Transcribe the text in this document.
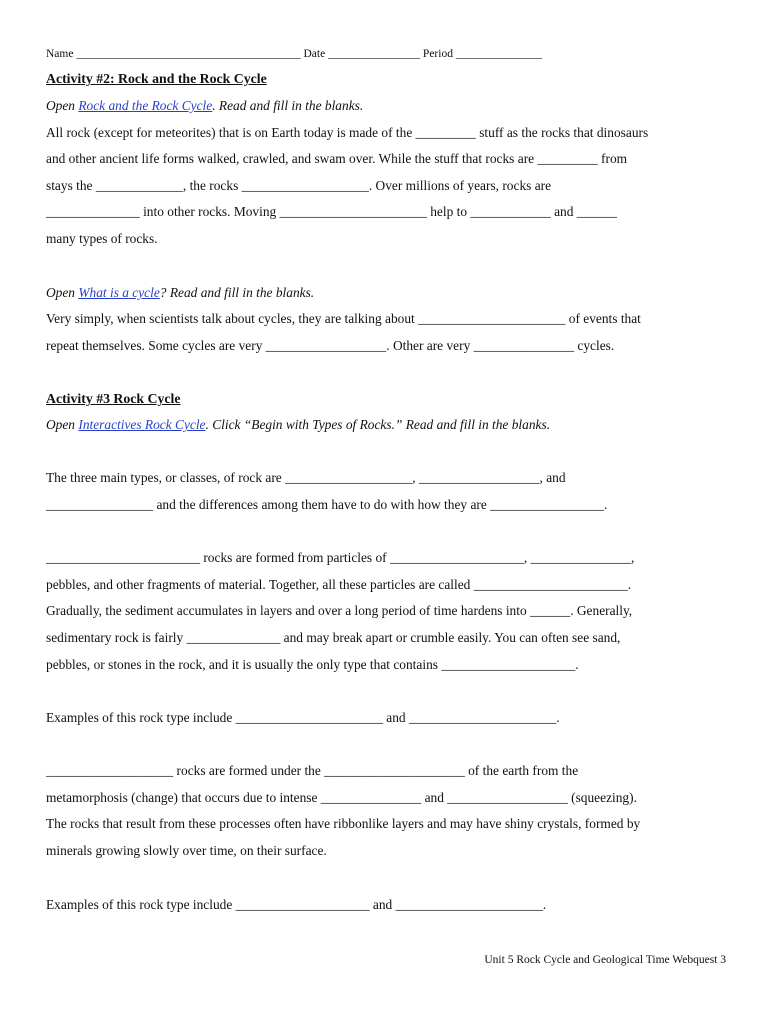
Name _______________________________________ Date ________________ Period _______________
Activity #2: Rock and the Rock Cycle
Open Rock and the Rock Cycle. Read and fill in the blanks.
All rock (except for meteorites) that is on Earth today is made of the _________ stuff as the rocks that dinosaurs
and other ancient life forms walked, crawled, and swam over. While the stuff that rocks are _________ from
stays the _____________, the rocks ___________________. Over millions of years, rocks are
______________ into other rocks. Moving ______________________ help to ____________ and ______
many types of rocks.
Open What is a cycle? Read and fill in the blanks.
Very simply, when scientists talk about cycles, they are talking about ______________________ of events that
repeat themselves. Some cycles are very __________________. Other are very _______________ cycles.
Activity #3 Rock Cycle
Open Interactives Rock Cycle. Click “Begin with Types of Rocks.” Read and fill in the blanks.
The three main types, or classes, of rock are ___________________, __________________, and
________________ and the differences among them have to do with how they are _________________.
_______________________ rocks are formed from particles of ____________________, _______________,
pebbles, and other fragments of material. Together, all these particles are called _______________________.
Gradually, the sediment accumulates in layers and over a long period of time hardens into ______. Generally,
sedimentary rock is fairly ______________ and may break apart or crumble easily. You can often see sand,
pebbles, or stones in the rock, and it is usually the only type that contains ____________________.
Examples of this rock type include ______________________ and ______________________.
___________________ rocks are formed under the _____________________ of the earth from the
metamorphosis (change) that occurs due to intense _______________ and __________________ (squeezing).
The rocks that result from these processes often have ribbonlike layers and may have shiny crystals, formed by
minerals growing slowly over time, on their surface.
Examples of this rock type include ____________________ and ______________________.
Unit 5 Rock Cycle and Geological Time Webquest 3
